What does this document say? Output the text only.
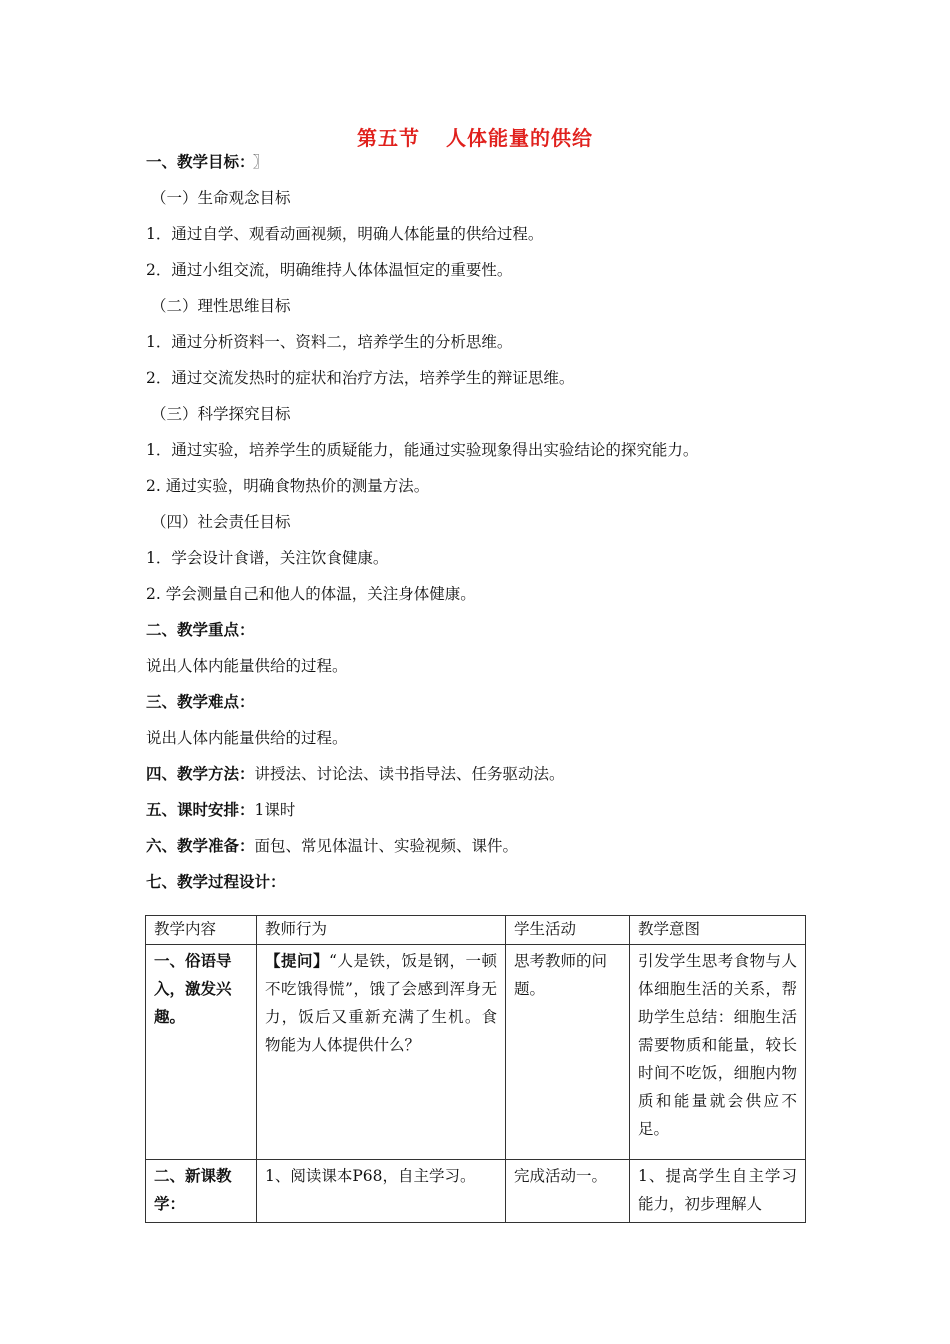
第五节 人体能量的供给
一、教学目标： 〗
（一）生命观念目标
1．通过自学、观看动画视频，明确人体能量的供给过程。
2．通过小组交流，明确维持人体体温恒定的重要性。
（二）理性思维目标
1．通过分析资料一、资料二，培养学生的分析思维。
2．通过交流发热时的症状和治疗方法，培养学生的辩证思维。
（三）科学探究目标
1．通过实验，培养学生的质疑能力，能通过实验现象得出实验结论的探究能力。
2. 通过实验，明确食物热价的测量方法。
（四）社会责任目标
1．学会设计食谱，关注饮食健康。
2. 学会测量自己和他人的体温，关注身体健康。
二、教学重点：
说出人体内能量供给的过程。
三、教学难点：
说出人体内能量供给的过程。
四、教学方法：讲授法、讨论法、读书指导法、任务驱动法。
五、课时安排：1课时
六、教学准备：面包、常见体温计、实验视频、课件。
七、教学过程设计：
教学内容	教师行为	学生活动	教学意图
一、俗语导入，激发兴趣。	【提问】“人是铁，饭是钢，一顿不吃饿得慌”，饿了会感到浑身无力，饭后又重新充满了生机。食物能为人体提供什么？	思考教师的问题。	引发学生思考食物与人体细胞生活的关系，帮助学生总结：细胞生活需要物质和能量，较长时间不吃饭，细胞内物质和能量就会供应不足。
二、新课教学：	1、阅读课本P68，自主学习。	完成活动一。	1、提高学生自主学习能力，初步理解人
